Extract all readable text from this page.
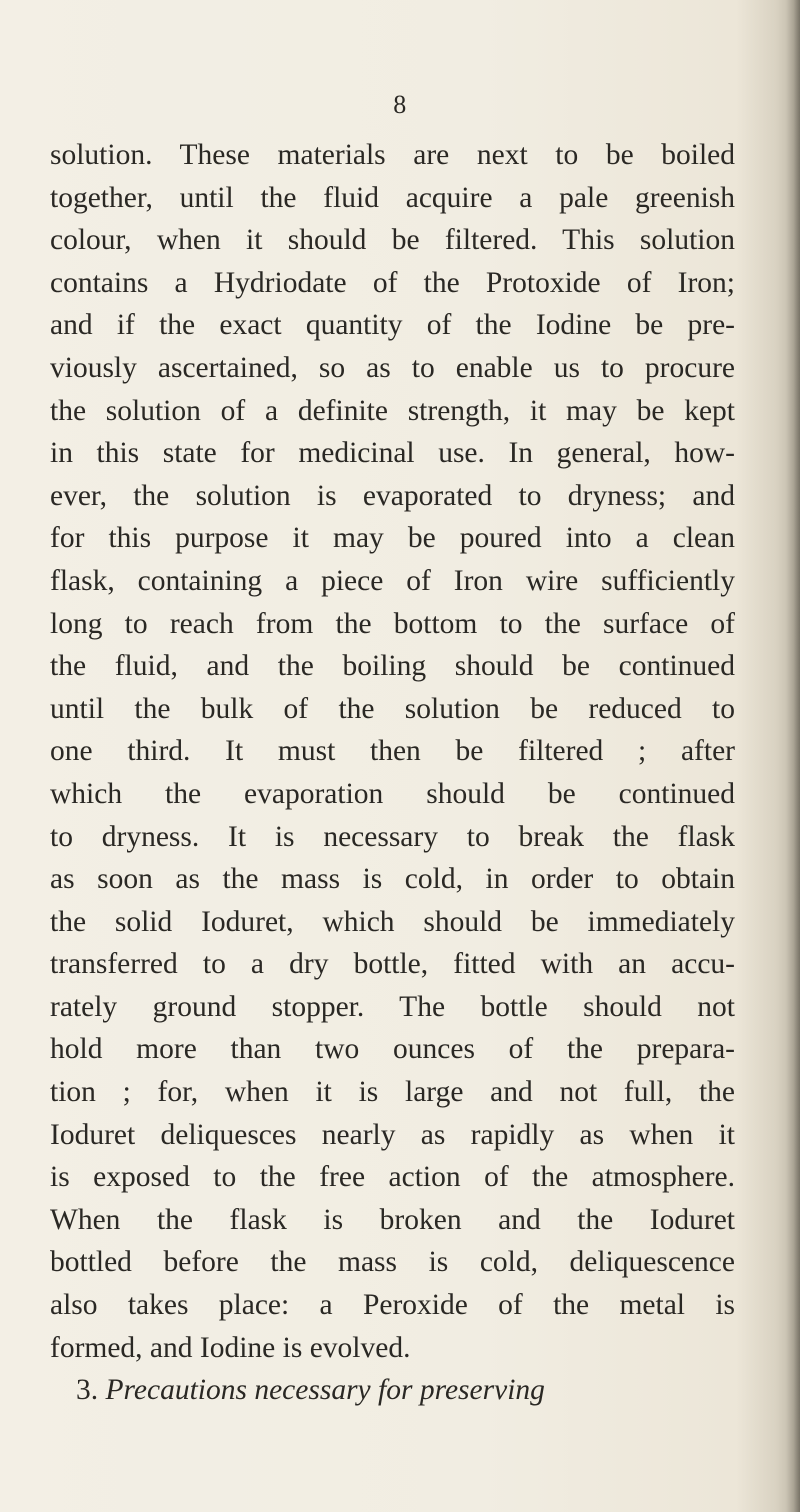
8
solution. These materials are next to be boiled
together, until the fluid acquire a pale greenish
colour, when it should be filtered. This solution
contains a Hydriodate of the Protoxide of Iron;
and if the exact quantity of the Iodine be pre-
viously ascertained, so as to enable us to procure
the solution of a definite strength, it may be kept
in this state for medicinal use. In general, how-
ever, the solution is evaporated to dryness; and
for this purpose it may be poured into a clean
flask, containing a piece of Iron wire sufficiently
long to reach from the bottom to the surface of
the fluid, and the boiling should be continued
until the bulk of the solution be reduced to
one third. It must then be filtered ; after
which the evaporation should be continued
to dryness. It is necessary to break the flask
as soon as the mass is cold, in order to obtain
the solid Ioduret, which should be immediately
transferred to a dry bottle, fitted with an accu-
rately ground stopper. The bottle should not
hold more than two ounces of the prepara-
tion ; for, when it is large and not full, the
Ioduret deliquesces nearly as rapidly as when it
is exposed to the free action of the atmosphere.
When the flask is broken and the Ioduret
bottled before the mass is cold, deliquescence
also takes place: a Peroxide of the metal is
formed, and Iodine is evolved.
3. Precautions necessary for preserving
